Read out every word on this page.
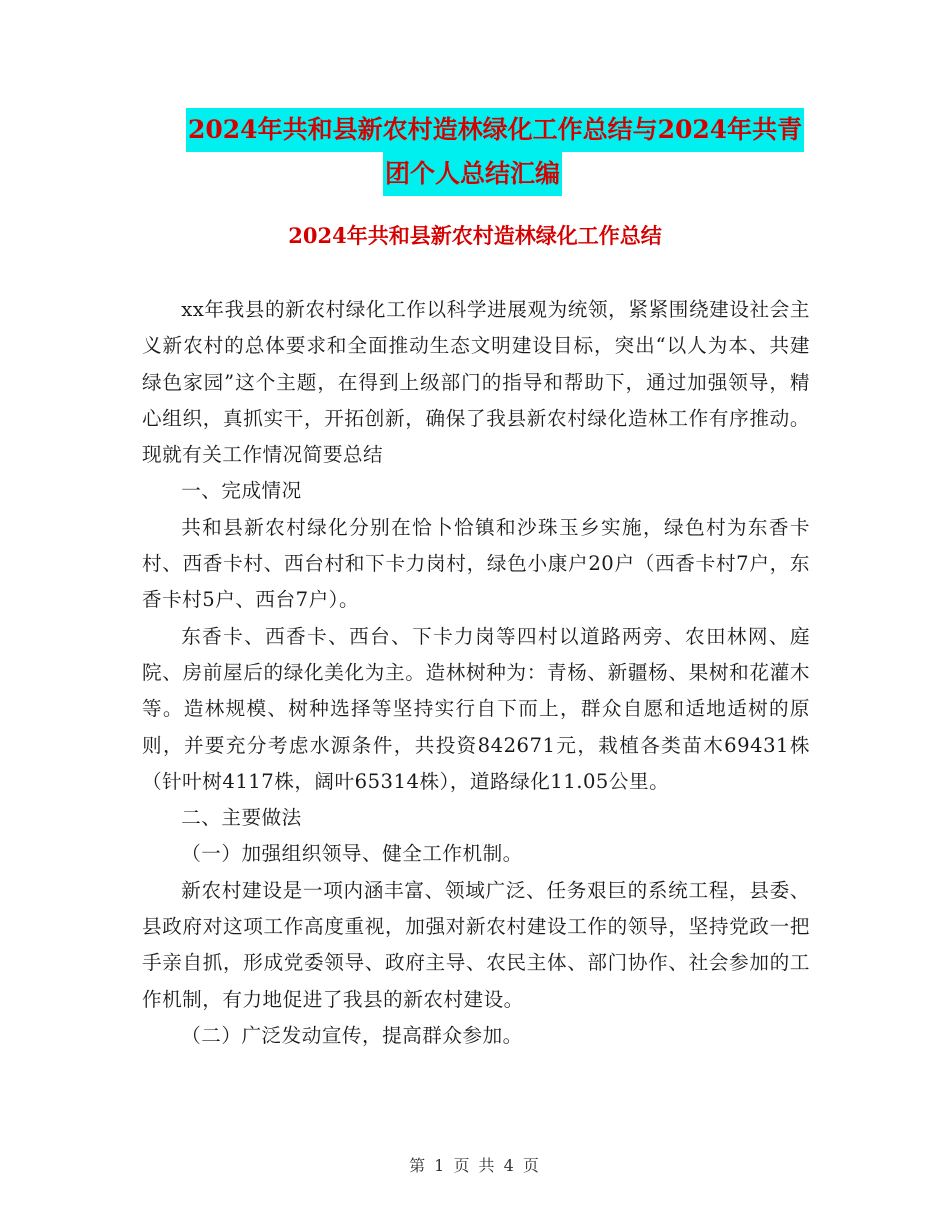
2024年共和县新农村造林绿化工作总结与2024年共青
团个人总结汇编
2024年共和县新农村造林绿化工作总结

xx年我县的新农村绿化工作以科学进展观为统领，紧紧围绕建设社会主义新农村的总体要求和全面推动生态文明建设目标，突出“以人为本、共建绿色家园”这个主题，在得到上级部门的指导和帮助下，通过加强领导，精心组织，真抓实干，开拓创新，确保了我县新农村绿化造林工作有序推动。现就有关工作情况简要总结

一、完成情况

共和县新农村绿化分别在恰卜恰镇和沙珠玉乡实施，绿色村为东香卡村、西香卡村、西台村和下卡力岗村，绿色小康户20户（西香卡村7户，东香卡村5户、西台7户）。

东香卡、西香卡、西台、下卡力岗等四村以道路两旁、农田林网、庭院、房前屋后的绿化美化为主。造林树种为：青杨、新疆杨、果树和花灌木等。造林规模、树种选择等坚持实行自下而上，群众自愿和适地适树的原则，并要充分考虑水源条件，共投资842671元，栽植各类苗木69431株（针叶树4117株，阔叶65314株），道路绿化11.05公里。

二、主要做法

（一）加强组织领导、健全工作机制。

新农村建设是一项内涵丰富、领域广泛、任务艰巨的系统工程，县委、县政府对这项工作高度重视，加强对新农村建设工作的领导，坚持党政一把手亲自抓，形成党委领导、政府主导、农民主体、部门协作、社会参加的工作机制，有力地促进了我县的新农村建设。

（二）广泛发动宣传，提高群众参加。

第 1 页 共 4 页
